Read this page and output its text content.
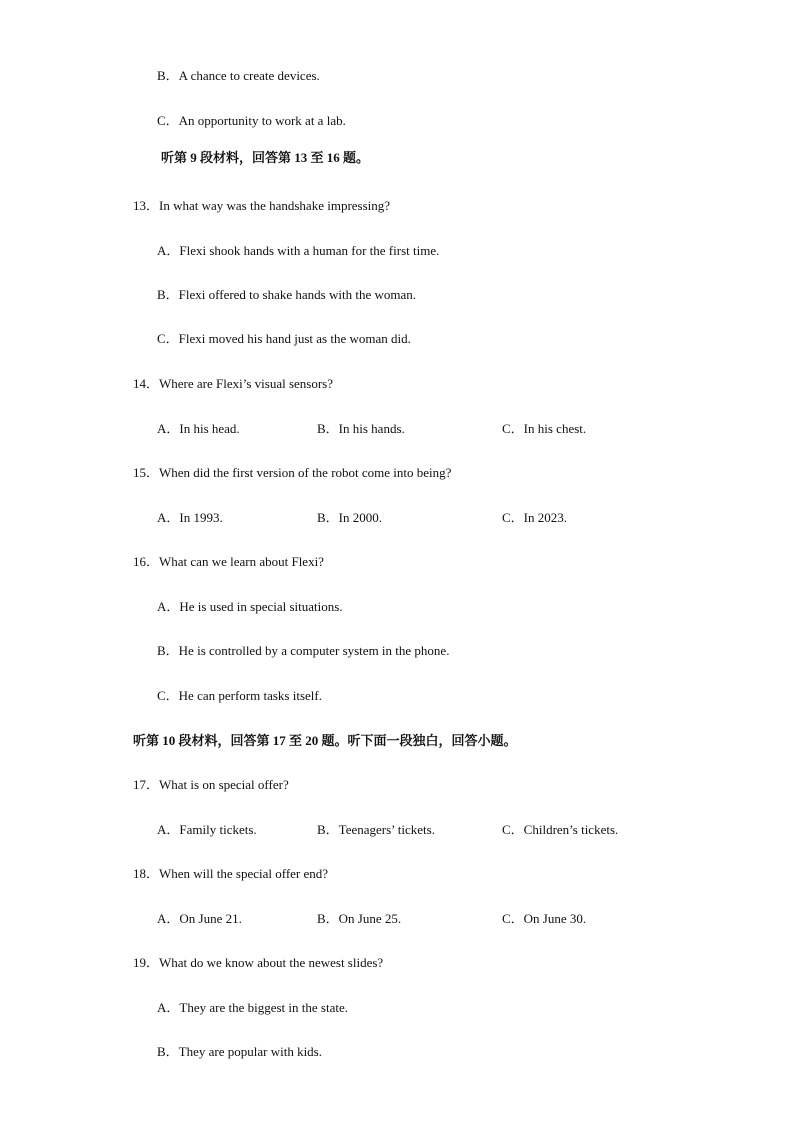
B．A chance to create devices.
C．An opportunity to work at a lab.
听第 9 段材料，回答第 13 至 16 题。
13．In what way was the handshake impressing?
A．Flexi shook hands with a human for the first time.
B．Flexi offered to shake hands with the woman.
C．Flexi moved his hand just as the woman did.
14．Where are Flexi’s visual sensors?
A．In his head.	B．In his hands.	C．In his chest.
15．When did the first version of the robot come into being?
A．In 1993.	B．In 2000.	C．In 2023.
16．What can we learn about Flexi?
A．He is used in special situations.
B．He is controlled by a computer system in the phone.
C．He can perform tasks itself.
听第 10 段材料，回答第 17 至 20 题。听下面一段独白，回答小题。
17．What is on special offer?
A．Family tickets.	B．Teenagers’ tickets.	C．Children’s tickets.
18．When will the special offer end?
A．On June 21.	B．On June 25.	C．On June 30.
19．What do we know about the newest slides?
A．They are the biggest in the state.
B．They are popular with kids.
